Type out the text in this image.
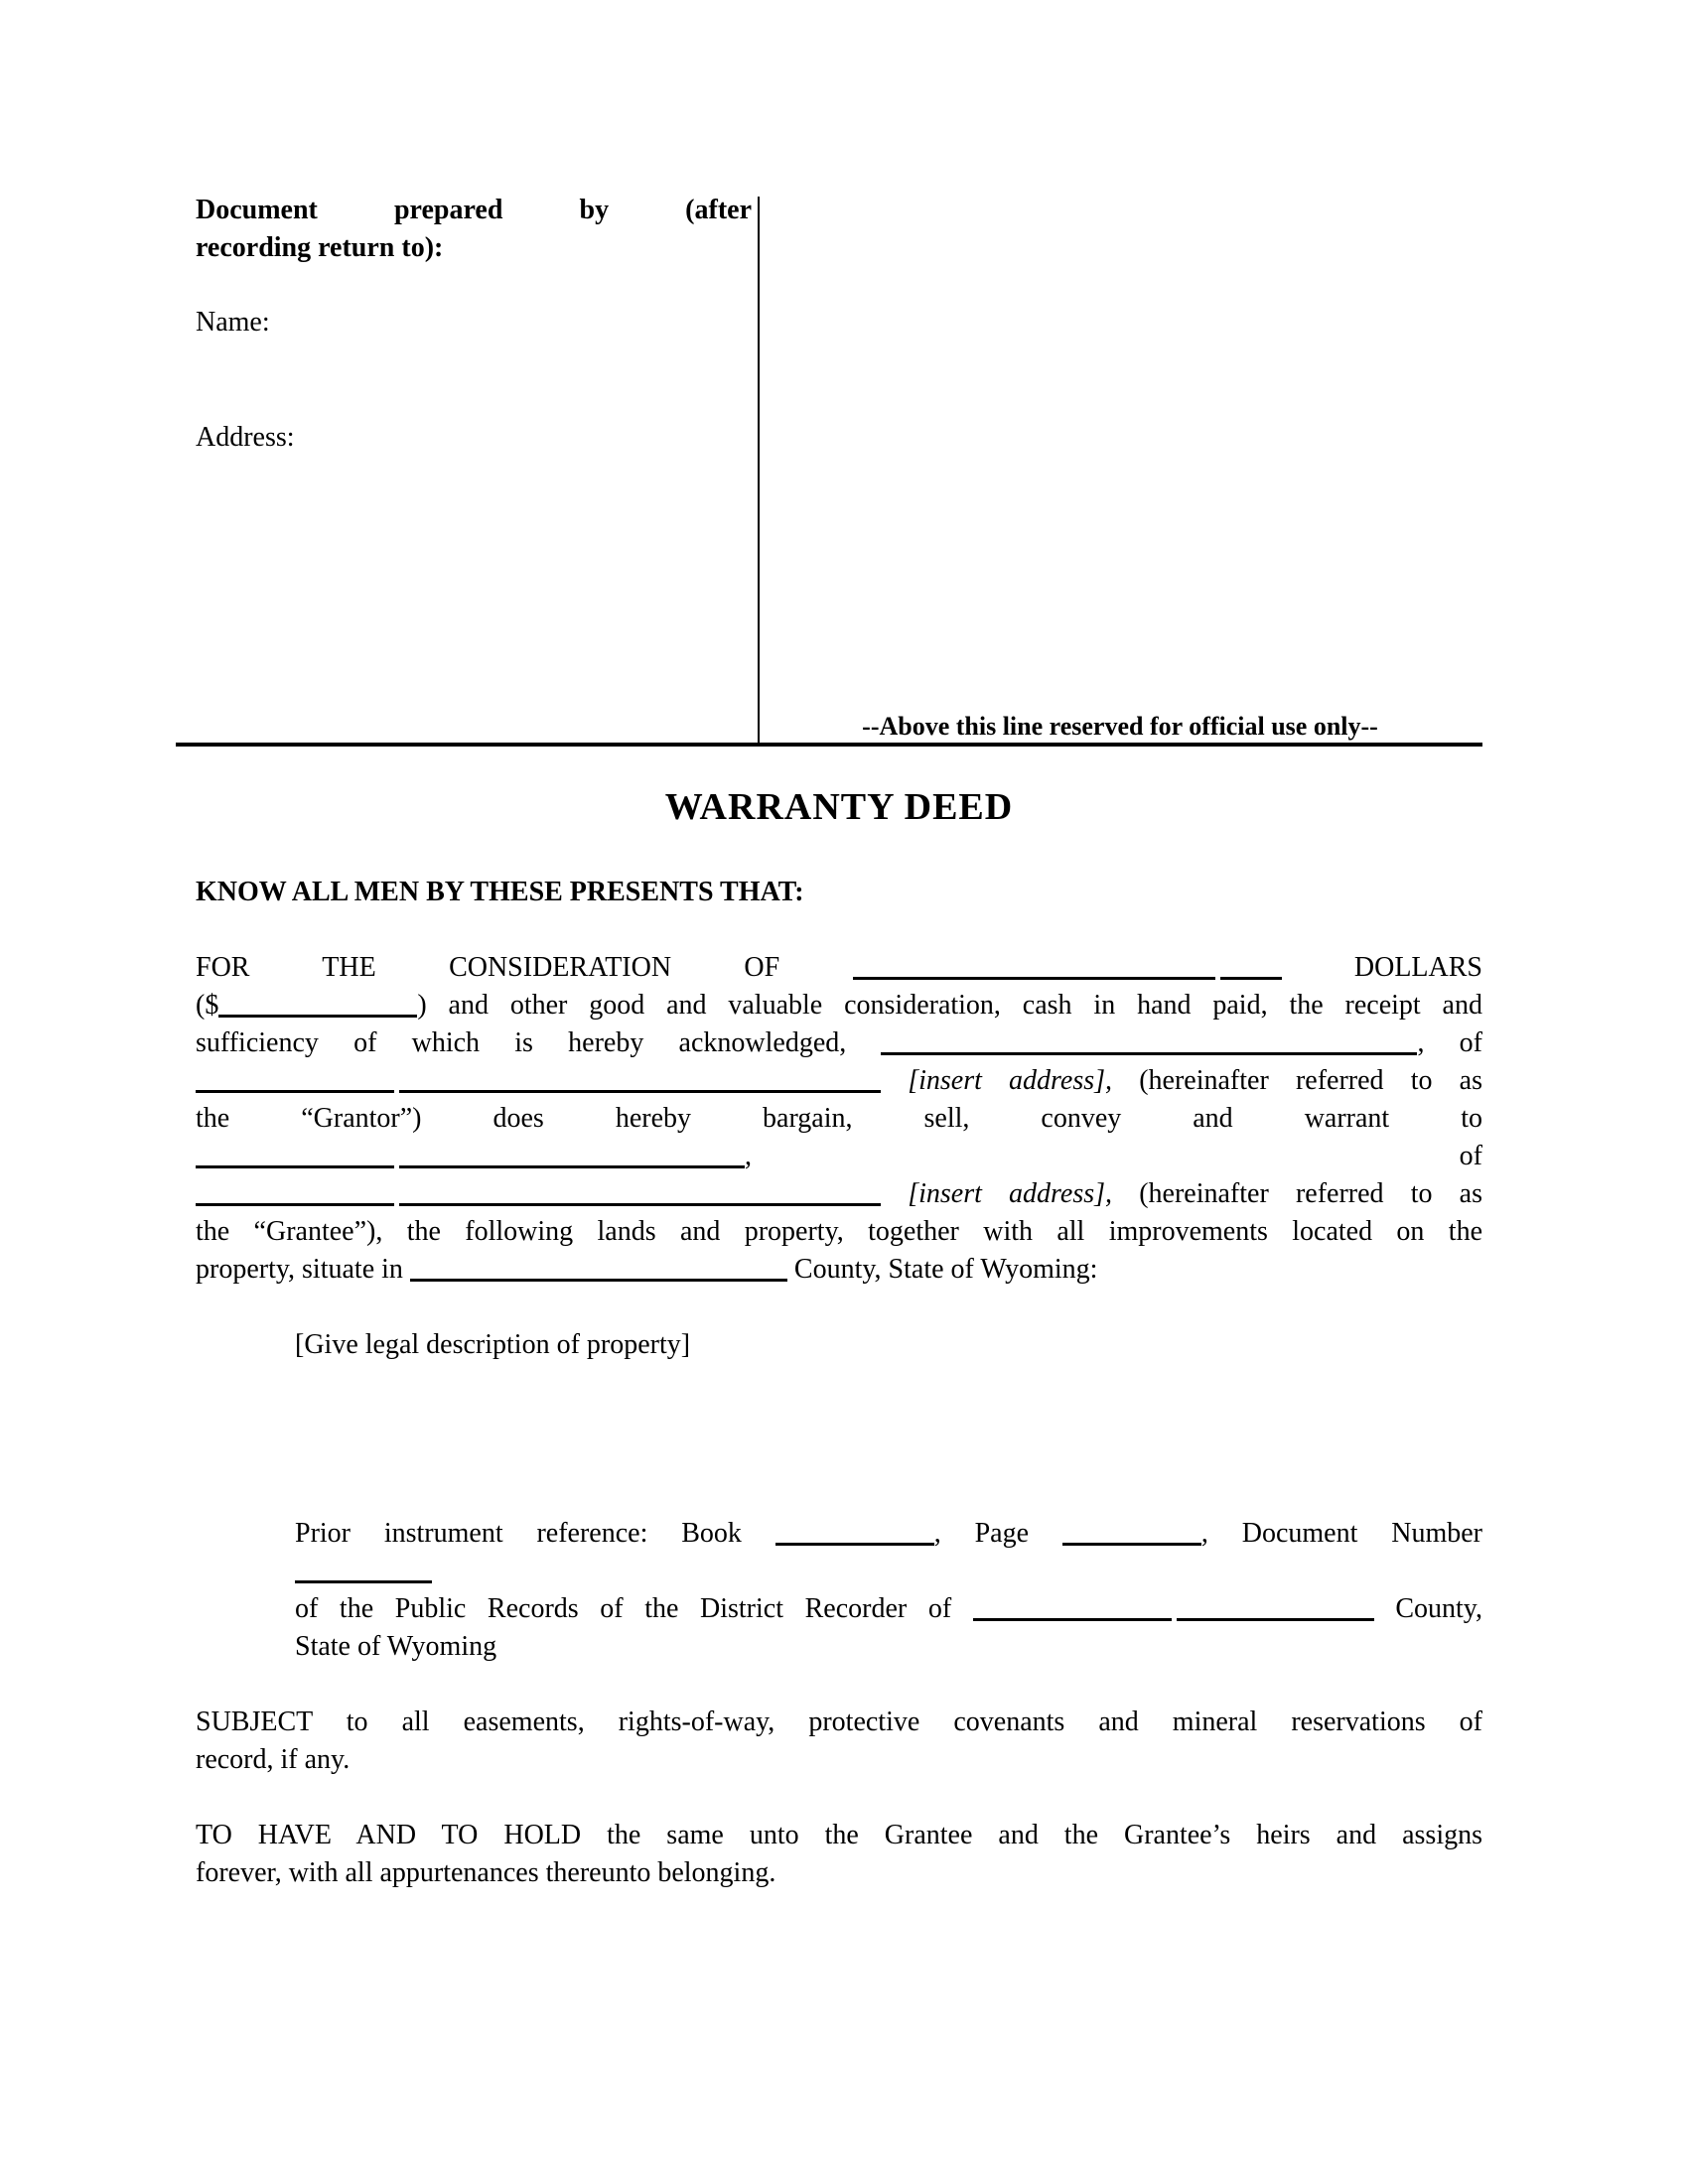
Document prepared by (after
recording return to):
Name:
Address:
--Above this line reserved for official use only--
WARRANTY DEED
KNOW ALL MEN BY THESE PRESENTS THAT:
FOR THE CONSIDERATION OF	DOLLARS
($	) and other good and valuable consideration, cash in hand paid, the receipt and
sufficiency of which is hereby acknowledged,	, of
[insert address], (hereinafter referred to as
the “Grantor”) does hereby bargain, sell, convey and warrant to
, of
[insert address], (hereinafter referred to as
the “Grantee”), the following lands and property, together with all improvements located on the
property, situate in	County, State of Wyoming:
[Give legal description of property]
Prior instrument reference: Book	, Page	, Document Number
of the Public Records of the District Recorder of	County,
State of Wyoming
SUBJECT to all easements, rights-of-way, protective covenants and mineral reservations of
record, if any.
TO HAVE AND TO HOLD the same unto the Grantee and the Grantee’s heirs and assigns
forever, with all appurtenances thereunto belonging.
